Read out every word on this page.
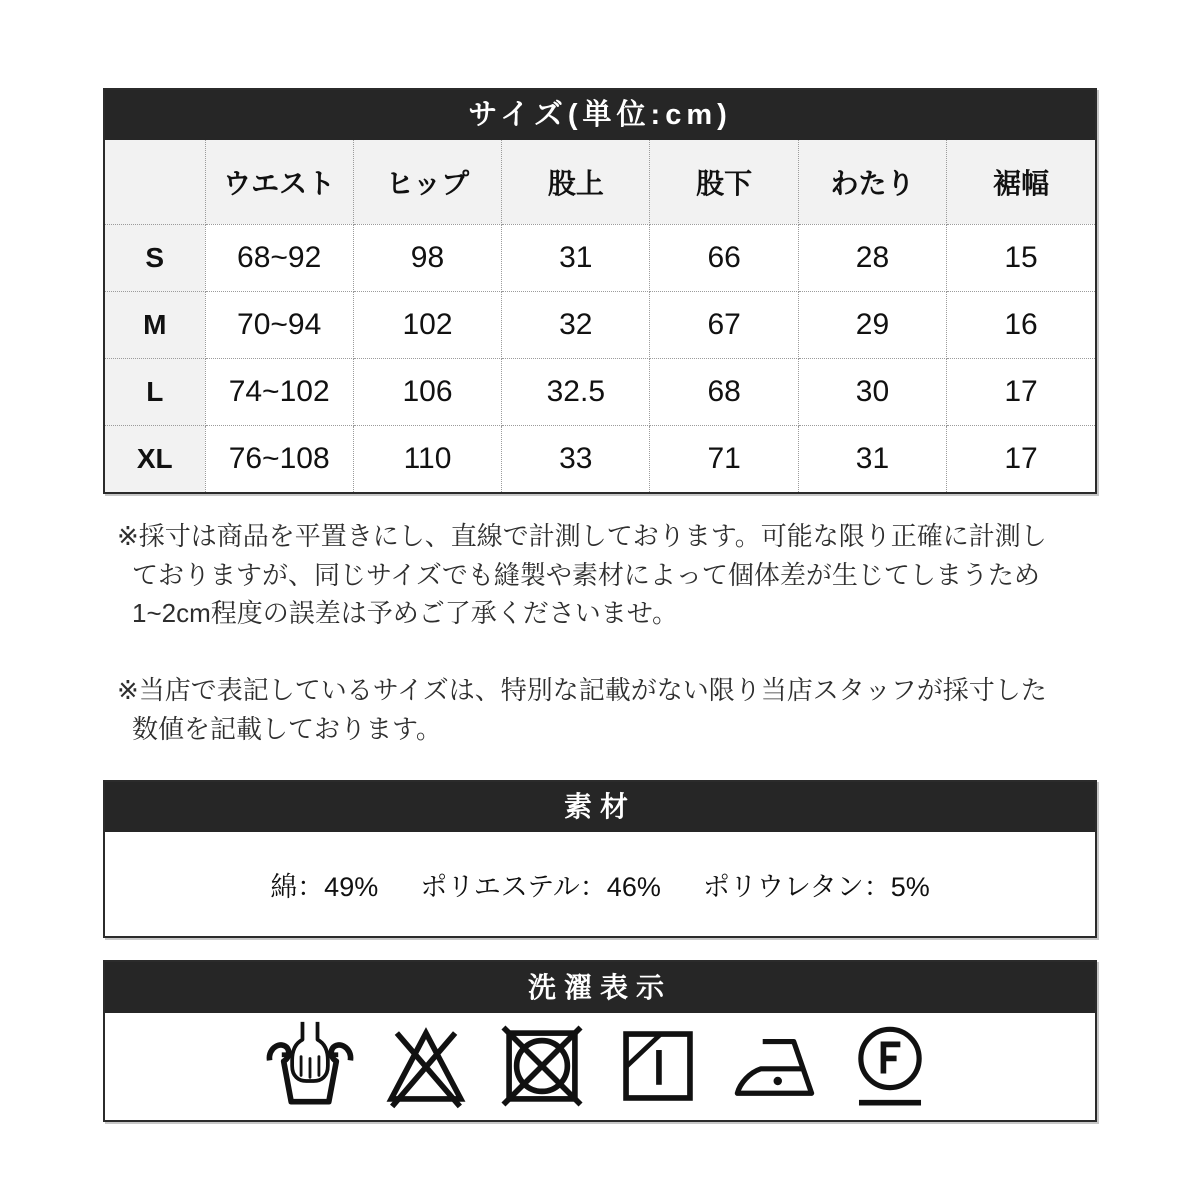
サイズ(単位:cm)
	ウエスト	ヒップ	股上	股下	わたり	裾幅
S	68~92	98	31	66	28	15
M	70~94	102	32	67	29	16
L	74~102	106	32.5	68	30	17
XL	76~108	110	33	71	31	17
※採寸は商品を平置きにし、直線で計測しております。可能な限り正確に計測し
ておりますが、同じサイズでも縫製や素材によって個体差が生じてしまうため
1~2cm程度の誤差は予めご了承くださいませ。
※当店で表記しているサイズは、特別な記載がない限り当店スタッフが採寸した
数値を記載しております。
素材
綿：49% ポリエステル：46% ポリウレタン：5%
洗濯表示
